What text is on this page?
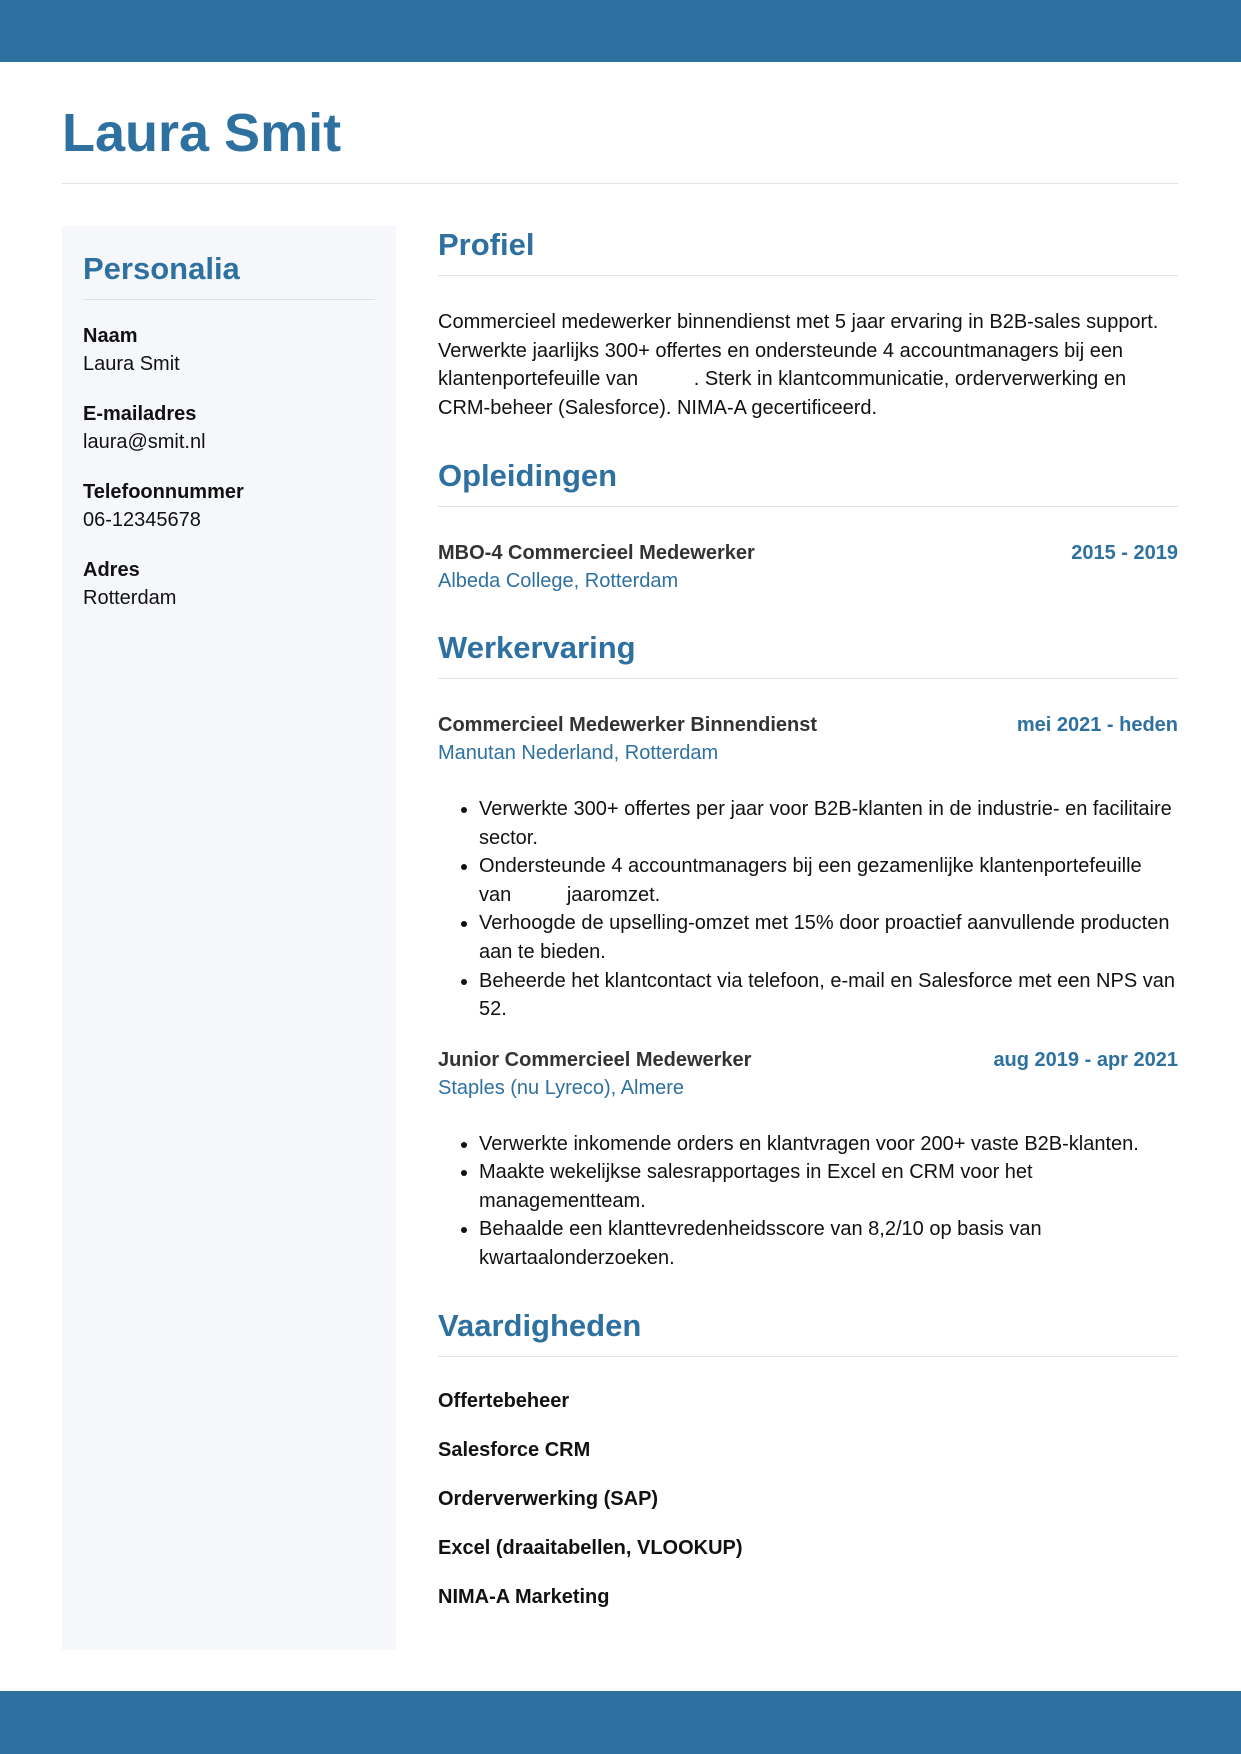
Laura Smit
Personalia
Naam
Laura Smit
E-mailadres
laura@smit.nl
Telefoonnummer
06-12345678
Adres
Rotterdam
Profiel

Commercieel medewerker binnendienst met 5 jaar ervaring in B2B-sales support. Verwerkte jaarlijks 300+ offertes en ondersteunde 4 accountmanagers bij een klantenportefeuille van          . Sterk in klantcommunicatie, orderverwerking en CRM-beheer (Salesforce). NIMA-A gecertificeerd.

Opleidingen
MBO-4 Commercieel Medewerker	2015 - 2019
Albeda College, Rotterdam
Werkervaring
Commercieel Medewerker Binnendienst	mei 2021 - heden
Manutan Nederland, Rotterdam
• Verwerkte 300+ offertes per jaar voor B2B-klanten in de industrie- en facilitaire sector.
• Ondersteunde 4 accountmanagers bij een gezamenlijke klantenportefeuille van          jaaromzet.
• Verhoogde de upselling-omzet met 15% door proactief aanvullende producten aan te bieden.
• Beheerde het klantcontact via telefoon, e-mail en Salesforce met een NPS van 52.
Junior Commercieel Medewerker	aug 2019 - apr 2021
Staples (nu Lyreco), Almere
• Verwerkte inkomende orders en klantvragen voor 200+ vaste B2B-klanten.
• Maakte wekelijkse salesrapportages in Excel en CRM voor het managementteam.
• Behaalde een klanttevredenheidsscore van 8,2/10 op basis van kwartaalonderzoeken.
Vaardigheden
Offertebeheer
Salesforce CRM
Orderverwerking (SAP)
Excel (draaitabellen, VLOOKUP)
NIMA-A Marketing
